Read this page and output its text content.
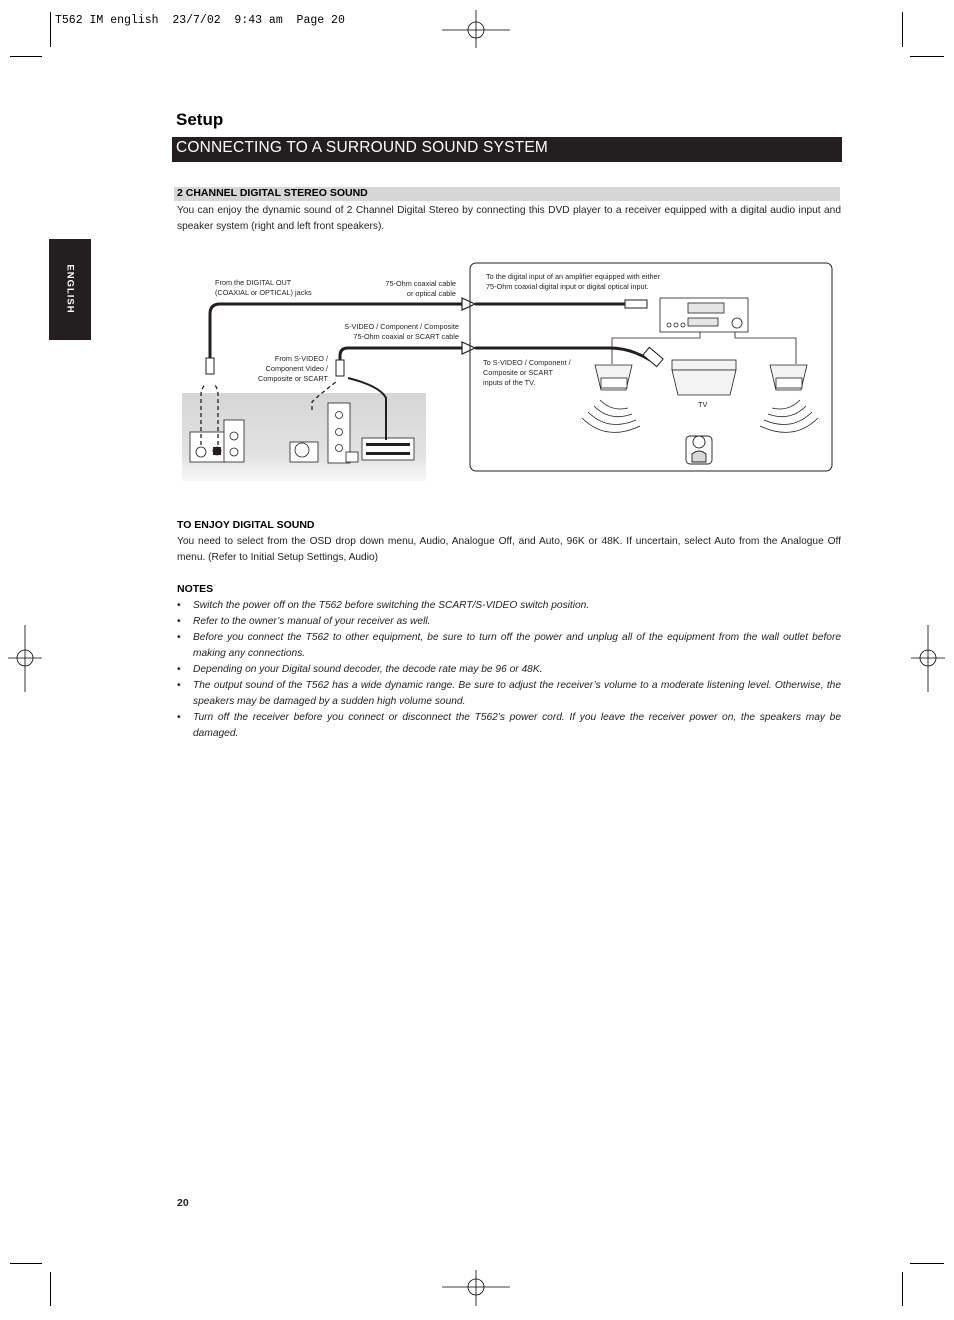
T562 IM english  23/7/02  9:43 am  Page 20
Setup
CONNECTING TO A SURROUND SOUND SYSTEM
ENGLISH
2 CHANNEL DIGITAL STEREO SOUND
You can enjoy the dynamic sound of 2 Channel Digital Stereo by connecting this DVD player to a receiver equipped with a digital audio input and speaker system (right and left front speakers).
From the DIGITAL OUT
(COAXIAL or OPTICAL) jacks
75-Ohm coaxial cable
or optical cable
To the digital input of an amplifier equipped with either
75-Ohm coaxial digital input or digital optical input.
S-VIDEO / Component / Composite
75-Ohm coaxial or SCART cable
From S-VIDEO /
Component Video /
Composite or SCART
To S-VIDEO / Component /
Composite or SCART
inputs of the TV.
TV
TO ENJOY DIGITAL SOUND
You need to select from the OSD drop down menu, Audio, Analogue Off, and Auto, 96K or 48K. If uncertain, select Auto from the Analogue Off menu. (Refer to Initial Setup Settings, Audio)
NOTES
• Switch the power off on the T562 before switching the SCART/S-VIDEO switch position.
• Refer to the owner’s manual of your receiver as well.
• Before you connect the T562 to other equipment, be sure to turn off the power and unplug all of the equipment from the wall outlet before making any connections.
• Depending on your Digital sound decoder, the decode rate may be 96 or 48K.
• The output sound of the T562 has a wide dynamic range. Be sure to adjust the receiver’s volume to a moderate listening level. Otherwise, the speakers may be damaged by a sudden high volume sound.
• Turn off the receiver before you connect or disconnect the T562’s power cord. If you leave the receiver power on, the speakers may be damaged.
20
